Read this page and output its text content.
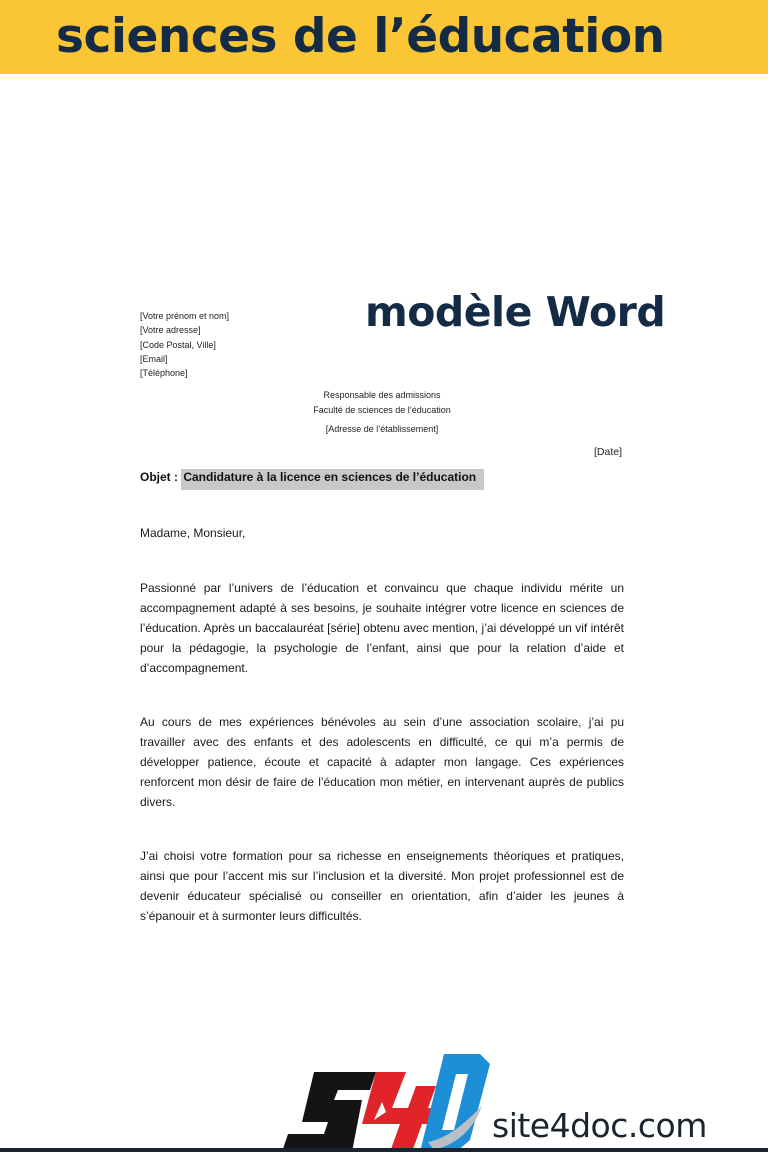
sciences de l’éducation
modèle Word
[Votre prénom et nom]
[Votre adresse]
[Code Postal, Ville]
[Email]
[Téléphone]
Responsable des admissions
Faculté de sciences de l’éducation
[Adresse de l’établissement]
[Date]
Objet : Candidature à la licence en sciences de l’éducation
Madame, Monsieur,
Passionné par l’univers de l’éducation et convaincu que chaque individu mérite un accompagnement adapté à ses besoins, je souhaite intégrer votre licence en sciences de l’éducation. Après un baccalauréat [série] obtenu avec mention, j’ai développé un vif intérêt pour la pédagogie, la psychologie de l’enfant, ainsi que pour la relation d’aide et d’accompagnement.
Au cours de mes expériences bénévoles au sein d’une association scolaire, j’ai pu travailler avec des enfants et des adolescents en difficulté, ce qui m’a permis de développer patience, écoute et capacité à adapter mon langage. Ces expériences renforcent mon désir de faire de l’éducation mon métier, en intervenant auprès de publics divers.
J’ai choisi votre formation pour sa richesse en enseignements théoriques et pratiques, ainsi que pour l’accent mis sur l’inclusion et la diversité. Mon projet professionnel est de devenir éducateur spécialisé ou conseiller en orientation, afin d’aider les jeunes à s’épanouir et à surmonter leurs difficultés.
site4doc.com
